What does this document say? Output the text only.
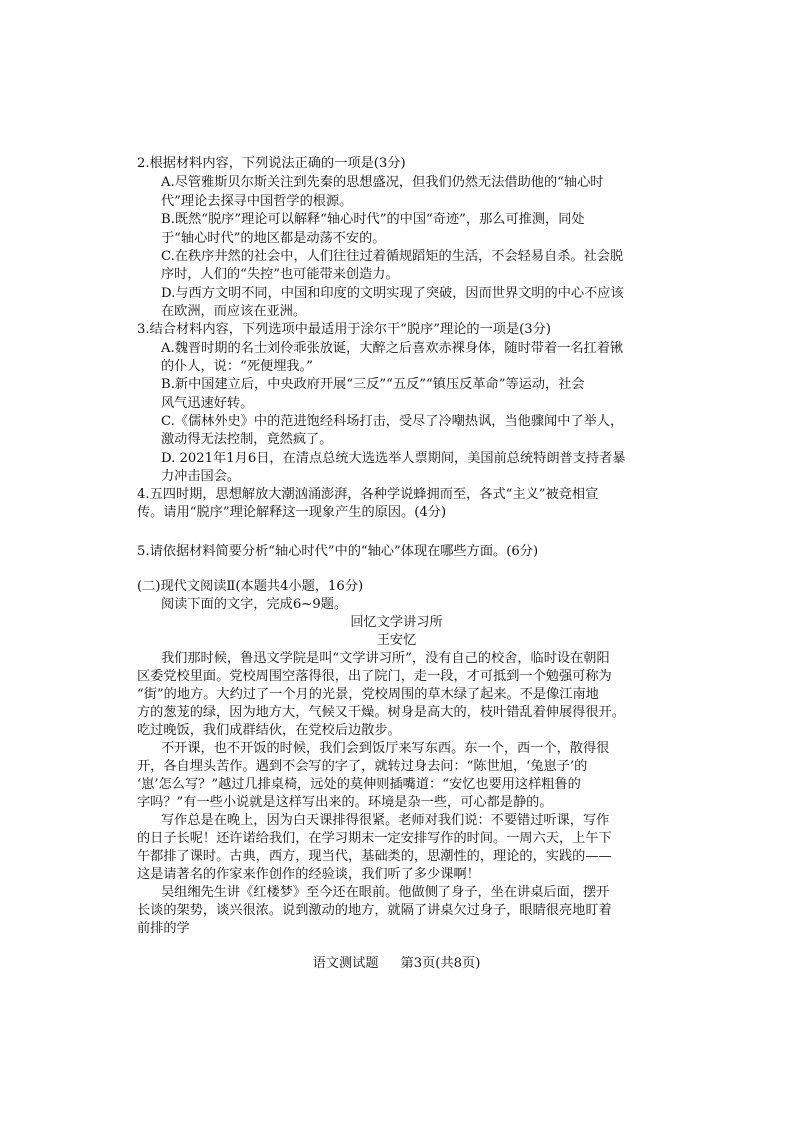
2.根据材料内容，下列说法正确的一项是(3分)
A.尽管雅斯贝尔斯关注到先秦的思想盛况，但我们仍然无法借助他的“轴心时
代”理论去探寻中国哲学的根源。
B.既然“脱序”理论可以解释“轴心时代”的中国“奇迹”，那么可推测，同处
于“轴心时代”的地区都是动荡不安的。
C.在秩序井然的社会中，人们往往过着循规蹈矩的生活，不会轻易自杀。社会脱
序时，人们的“失控”也可能带来创造力。
D.与西方文明不同，中国和印度的文明实现了突破，因而世界文明的中心不应该
在欧洲，而应该在亚洲。
3.结合材料内容，下列选项中最适用于涂尔干“脱序”理论的一项是(3分)
A.魏晋时期的名士刘伶乖张放诞，大醉之后喜欢赤裸身体，随时带着一名扛着锹
的仆人，说：“死便埋我。”
B.新中国建立后，中央政府开展“三反”“五反”“镇压反革命”等运动，社会
风气迅速好转。
C.《儒林外史》中的范进饱经科场打击，受尽了冷嘲热讽，当他骤闻中了举人，
激动得无法控制，竟然疯了。
D. 2021年1月6日，在清点总统大选选举人票期间，美国前总统特朗普支持者暴
力冲击国会。
4.五四时期，思想解放大潮汹涌澎湃，各种学说蜂拥而至，各式“主义”被竞相宣
传。请用“脱序”理论解释这一现象产生的原因。(4分)
5.请依据材料简要分析“轴心时代”中的“轴心”体现在哪些方面。(6分)
(二)现代文阅读Ⅱ(本题共4小题，16分)
阅读下面的文字，完成6~9题。
回忆文学讲习所
王安忆
我们那时候，鲁迅文学院是叫“文学讲习所”，没有自己的校舍，临时设在朝阳
区委党校里面。党校周围空落得很，出了院门，走一段，才可抵到一个勉强可称为
“街”的地方。大约过了一个月的光景，党校周围的草木绿了起来。不是像江南地
方的葱茏的绿，因为地方大，气候又干燥。树身是高大的，枝叶错乱着伸展得很开。
吃过晚饭，我们成群结伙，在党校后边散步。
不开课，也不开饭的时候，我们会到饭厅来写东西。东一个，西一个，散得很
开，各自埋头苦作。遇到不会写的字了，就转过身去问：“陈世旭，‘兔崽子’的
‘崽’怎么写？”越过几排桌椅，远处的莫伸则插嘴道：“安忆也要用这样粗鲁的
字吗？”有一些小说就是这样写出来的。环境是杂一些，可心都是静的。
写作总是在晚上，因为白天课排得很紧。老师对我们说：不要错过听课，写作
的日子长呢！还许诺给我们，在学习期末一定安排写作的时间。一周六天，上午下
午都排了课时。古典，西方，现当代，基础类的，思潮性的，理论的，实践的——
这是请著名的作家来作创作的经验谈，我们听了多少课啊！
吴组缃先生讲《红楼梦》至今还在眼前。他做侧了身子，坐在讲桌后面，摆开
长谈的架势，谈兴很浓。说到激动的地方，就隔了讲桌欠过身子，眼睛很亮地盯着
前排的学
语文测试题 第3页(共8页)
